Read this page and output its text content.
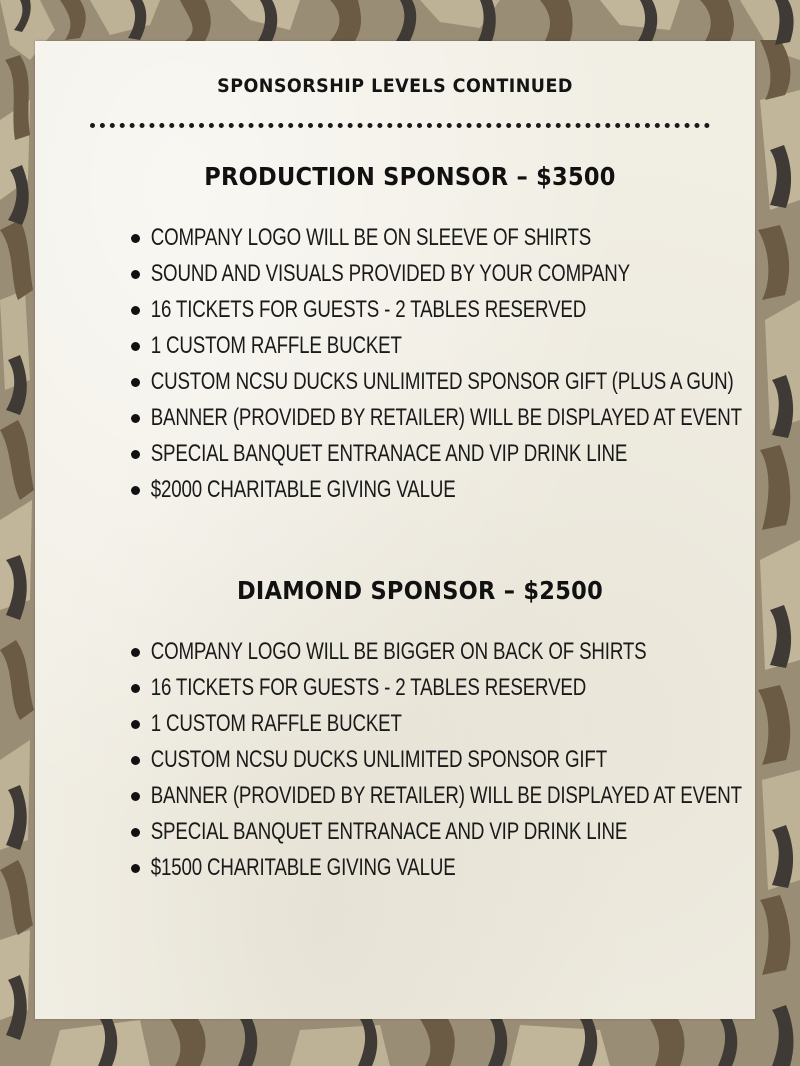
SPONSORSHIP LEVELS CONTINUED
PRODUCTION SPONSOR – $3500
COMPANY LOGO WILL BE ON SLEEVE OF SHIRTS
SOUND AND VISUALS PROVIDED BY YOUR COMPANY
16 TICKETS FOR GUESTS - 2 TABLES RESERVED
1 CUSTOM RAFFLE BUCKET
CUSTOM NCSU DUCKS UNLIMITED SPONSOR GIFT (PLUS A GUN)
BANNER (PROVIDED BY RETAILER) WILL BE DISPLAYED AT EVENT
SPECIAL BANQUET ENTRANACE AND VIP DRINK LINE
$2000 CHARITABLE GIVING VALUE
DIAMOND SPONSOR – $2500
COMPANY LOGO WILL BE BIGGER ON BACK OF SHIRTS
16 TICKETS FOR GUESTS - 2 TABLES RESERVED
1 CUSTOM RAFFLE BUCKET
CUSTOM NCSU DUCKS UNLIMITED SPONSOR GIFT
BANNER (PROVIDED BY RETAILER) WILL BE DISPLAYED AT EVENT
SPECIAL BANQUET ENTRANACE AND VIP DRINK LINE
$1500 CHARITABLE GIVING VALUE
